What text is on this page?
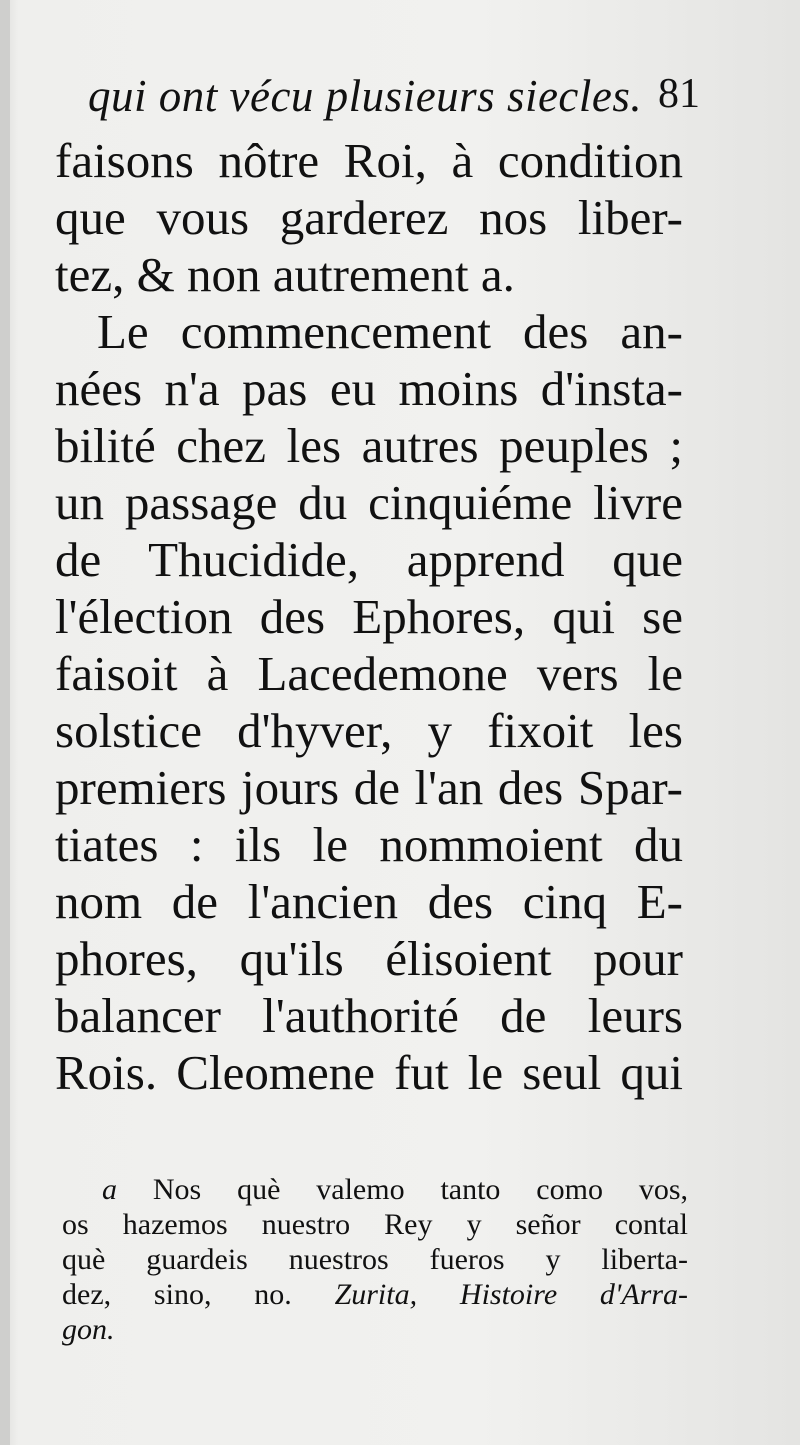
qui ont vécu plusieurs siecles. 81
faisons nôtre Roi, à condition
que vous garderez nos liber-
tez, & non autrement a.
Le commencement des an-
nées n'a pas eu moins d'insta-
bilité chez les autres peuples ;
un passage du cinquiéme livre
de Thucidide, apprend que
l'élection des Ephores, qui se
faisoit à Lacedemone vers le
solstice d'hyver, y fixoit les
premiers jours de l'an des Spar-
tiates : ils le nommoient du
nom de l'ancien des cinq E-
phores, qu'ils élisoient pour
balancer l'authorité de leurs
Rois. Cleomene fut le seul qui
a Nos què valemo tanto como vos,
os hazemos nuestro Rey y señor contal
què guardeis nuestros fueros y liberta-
dez, sino, no. Zurita, Histoire d'Arra-
gon.
